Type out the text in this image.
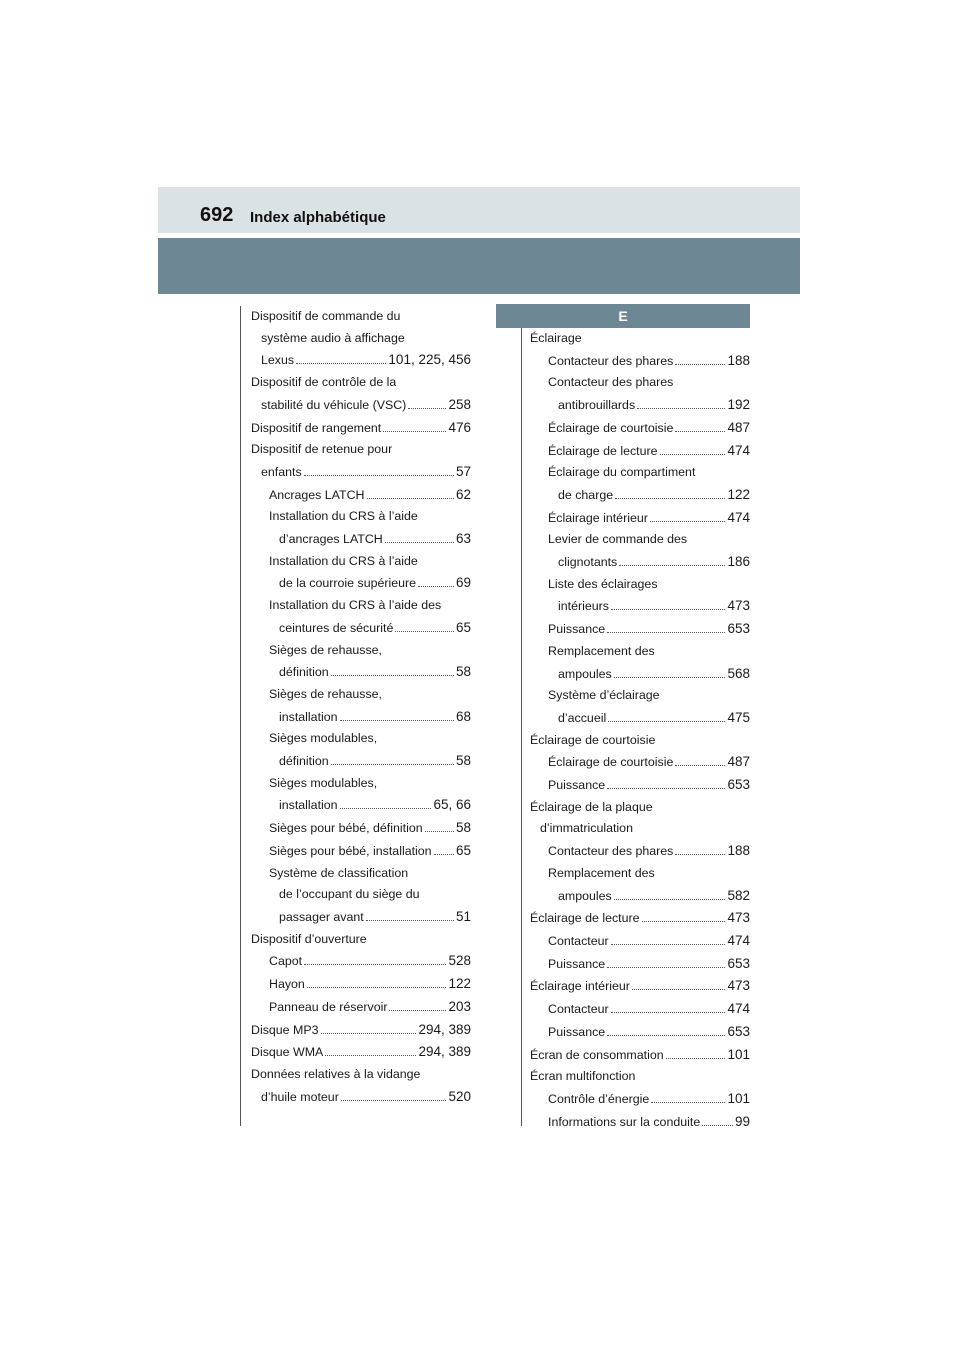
692 Index alphabétique
E
Dispositif de commande du
système audio à affichage
Lexus	101, 225, 456
Dispositif de contrôle de la
stabilité du véhicule (VSC)	258
Dispositif de rangement	476
Dispositif de retenue pour
enfants	57
Ancrages LATCH	62
Installation du CRS à l’aide
d’ancrages LATCH	63
Installation du CRS à l’aide
de la courroie supérieure	69
Installation du CRS à l’aide des
ceintures de sécurité	65
Sièges de rehausse,
définition	58
Sièges de rehausse,
installation	68
Sièges modulables,
définition	58
Sièges modulables,
installation	65, 66
Sièges pour bébé, définition 58
Sièges pour bébé, installation 65
Système de classification
de l’occupant du siège du
passager avant	51
Dispositif d’ouverture
Capot	528
Hayon	122
Panneau de réservoir	203
Disque MP3	294, 389
Disque WMA	294, 389
Données relatives à la vidange
d’huile moteur	520
Éclairage
Contacteur des phares	188
Contacteur des phares
antibrouillards	192
Éclairage de courtoisie	487
Éclairage de lecture	474
Éclairage du compartiment
de charge	122
Éclairage intérieur	474
Levier de commande des
clignotants	186
Liste des éclairages
intérieurs	473
Puissance	653
Remplacement des
ampoules	568
Système d’éclairage
d’accueil	475
Éclairage de courtoisie
Éclairage de courtoisie	487
Puissance	653
Éclairage de la plaque
d’immatriculation
Contacteur des phares	188
Remplacement des
ampoules	582
Éclairage de lecture	473
Contacteur	474
Puissance	653
Éclairage intérieur	473
Contacteur	474
Puissance	653
Écran de consommation	101
Écran multifonction
Contrôle d’énergie	101
Informations sur la conduite	99
